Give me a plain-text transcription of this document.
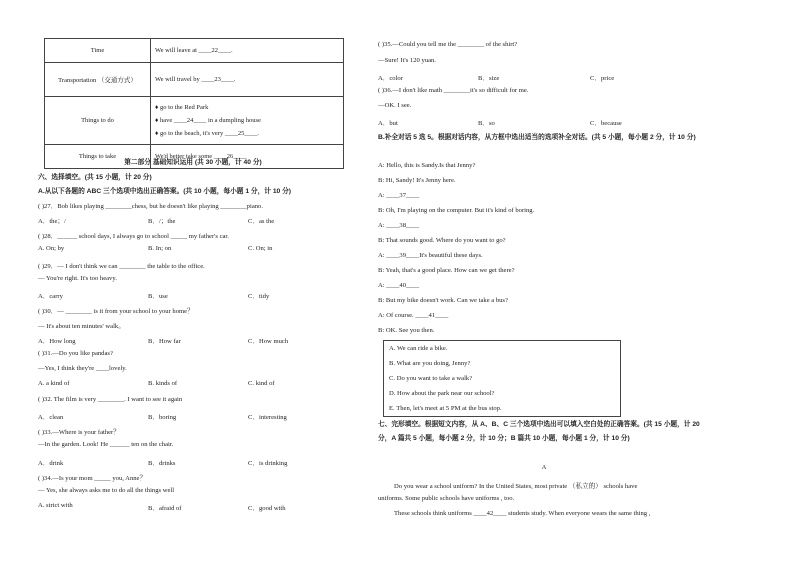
Time	We will leave at ____22____.
Transportation （交通方式）	We will travel by ____23____.
Things to do	♦ go to the Red Park
♦ have ____24____ in a dumpling house
♦ go to the beach, it's very ____25____.

Things to take	We'd better take some ____26____
第二部分 基础知识运用 (共 30 小题，计 40 分)
六、选择填空。(共 15 小题，计 20 分)
A.从以下各题的 ABC 三个选项中选出正确答案。(共 10 小题，每小题 1 分，计 10 分)
( )27．Bob likes playing ________chess, but he doesn't like playing ________piano.
A．the；/	B．/；the	C．as the
( )28．______ school days, I always go to school _____ my father's car.
A. On; by	B. In; on	C. On; in
( )29．— I don't think we can ________ the table to the office.
— You're right. It's too heavy.
A．carry	B．use	C．tidy
( )30．— ________ is it from your school to your home？
— It's about ten minutes' walk。
A．How long	B．How far	C．How much
( )31.—Do you like pandas?
—Yes, I think they're ____lovely.
A. a kind of	B. kinds of	C. kind of
( )32. The film is very ________. I want to see it again
A．clean	B．boring	C．interesting
( )33.—Where is your father？
—In the garden. Look! He ______ ten on the chair.
A．drink	B．drinks	C．is drinking
( )34.—Is your mom _____ you, Anne？
— Yes, she always asks me to do all the things well
A. strict with	B．afraid of	C．good with
( )35.—Could you tell me the ________ of the shirt?
—Sure! It's 120 yuan.
A．color	B．size	C．price
( )36.—I don't like math ________it's so difficult for me.
—OK. I see.
A．but	B．so	C．because
B.补全对话 5 选 5。根据对话内容，从方框中选出适当的选项补全对话。(共 5 小题，每小题 2 分，计 10 分)
A: Hello, this is Sandy.Is that Jenny?
B: Hi, Sandy! It's Jenny here.
A: ____37____
B: Oh, I'm playing on the computer. But it's kind of boring.
A: ____38____
B: That sounds good. Where do you want to go?
A: ____39____It's beautiful these days.
B: Yeah, that's a good place. How can we get there?
A: ____40____
B: But my bike doesn't work. Can we take a bus?
A: Of course. ____41____
B: OK. See you then.
A. We can ride a bike.
B. What are you doing, Jenny?
C. Do you want to take a walk?
D. How about the park near our school?
E. Then, let's meet at 5 PM at the bus stop.
七、完形填空。根据短文内容，从 A、B、C 三个选项中选出可以填入空白处的正确答案。(共 15 小题，计 20 分，A 篇共 5 小题，每小题 2 分，计 10 分；B 篇共 10 小题，每小题 1 分，计 10 分)
A
Do you wear a school uniform? In the United States, most private （私立的） schools have
uniforms. Some public schools have uniforms , too.
These schools think uniforms ____42____ students study. When everyone wears the same thing ,
